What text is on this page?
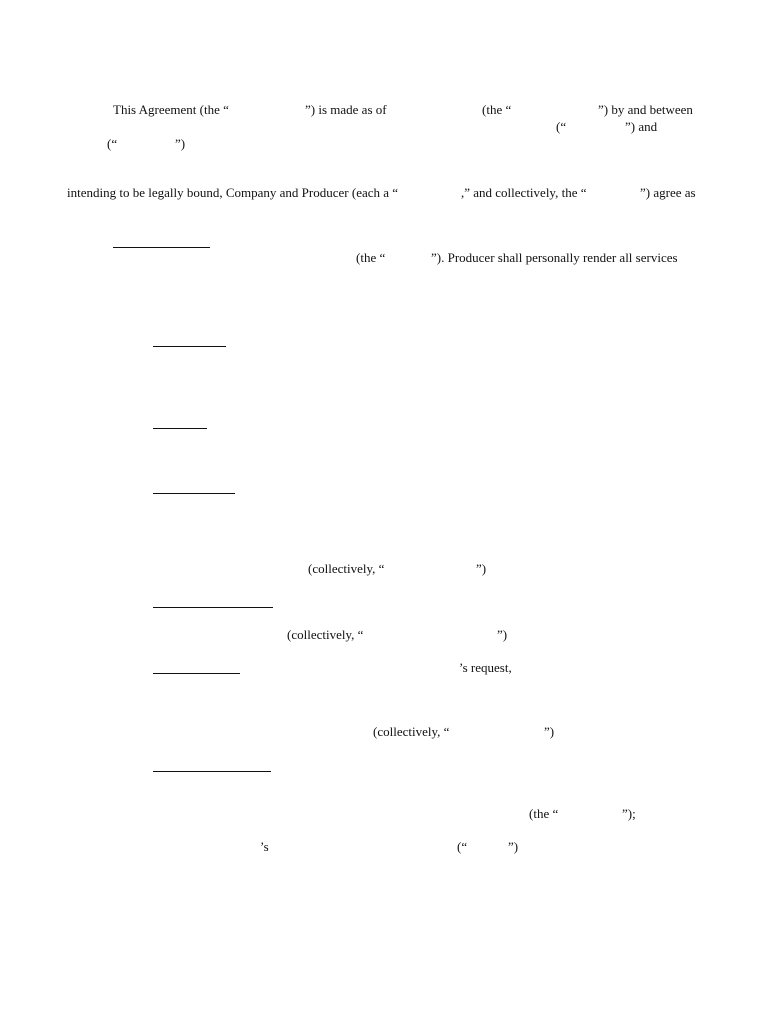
This Agreement (the “	”) is made as of	(the “	”) by and between
(“	”) and
(“	”)
intending to be legally bound, Company and Producer (each a “	,” and collectively, the “	”) agree as
(the “	”). Producer shall personally render all services
(collectively, “	”)
(collectively, “	”)
’s request,
(collectively, “	”)
(the “	”);
’s	(“	”)
